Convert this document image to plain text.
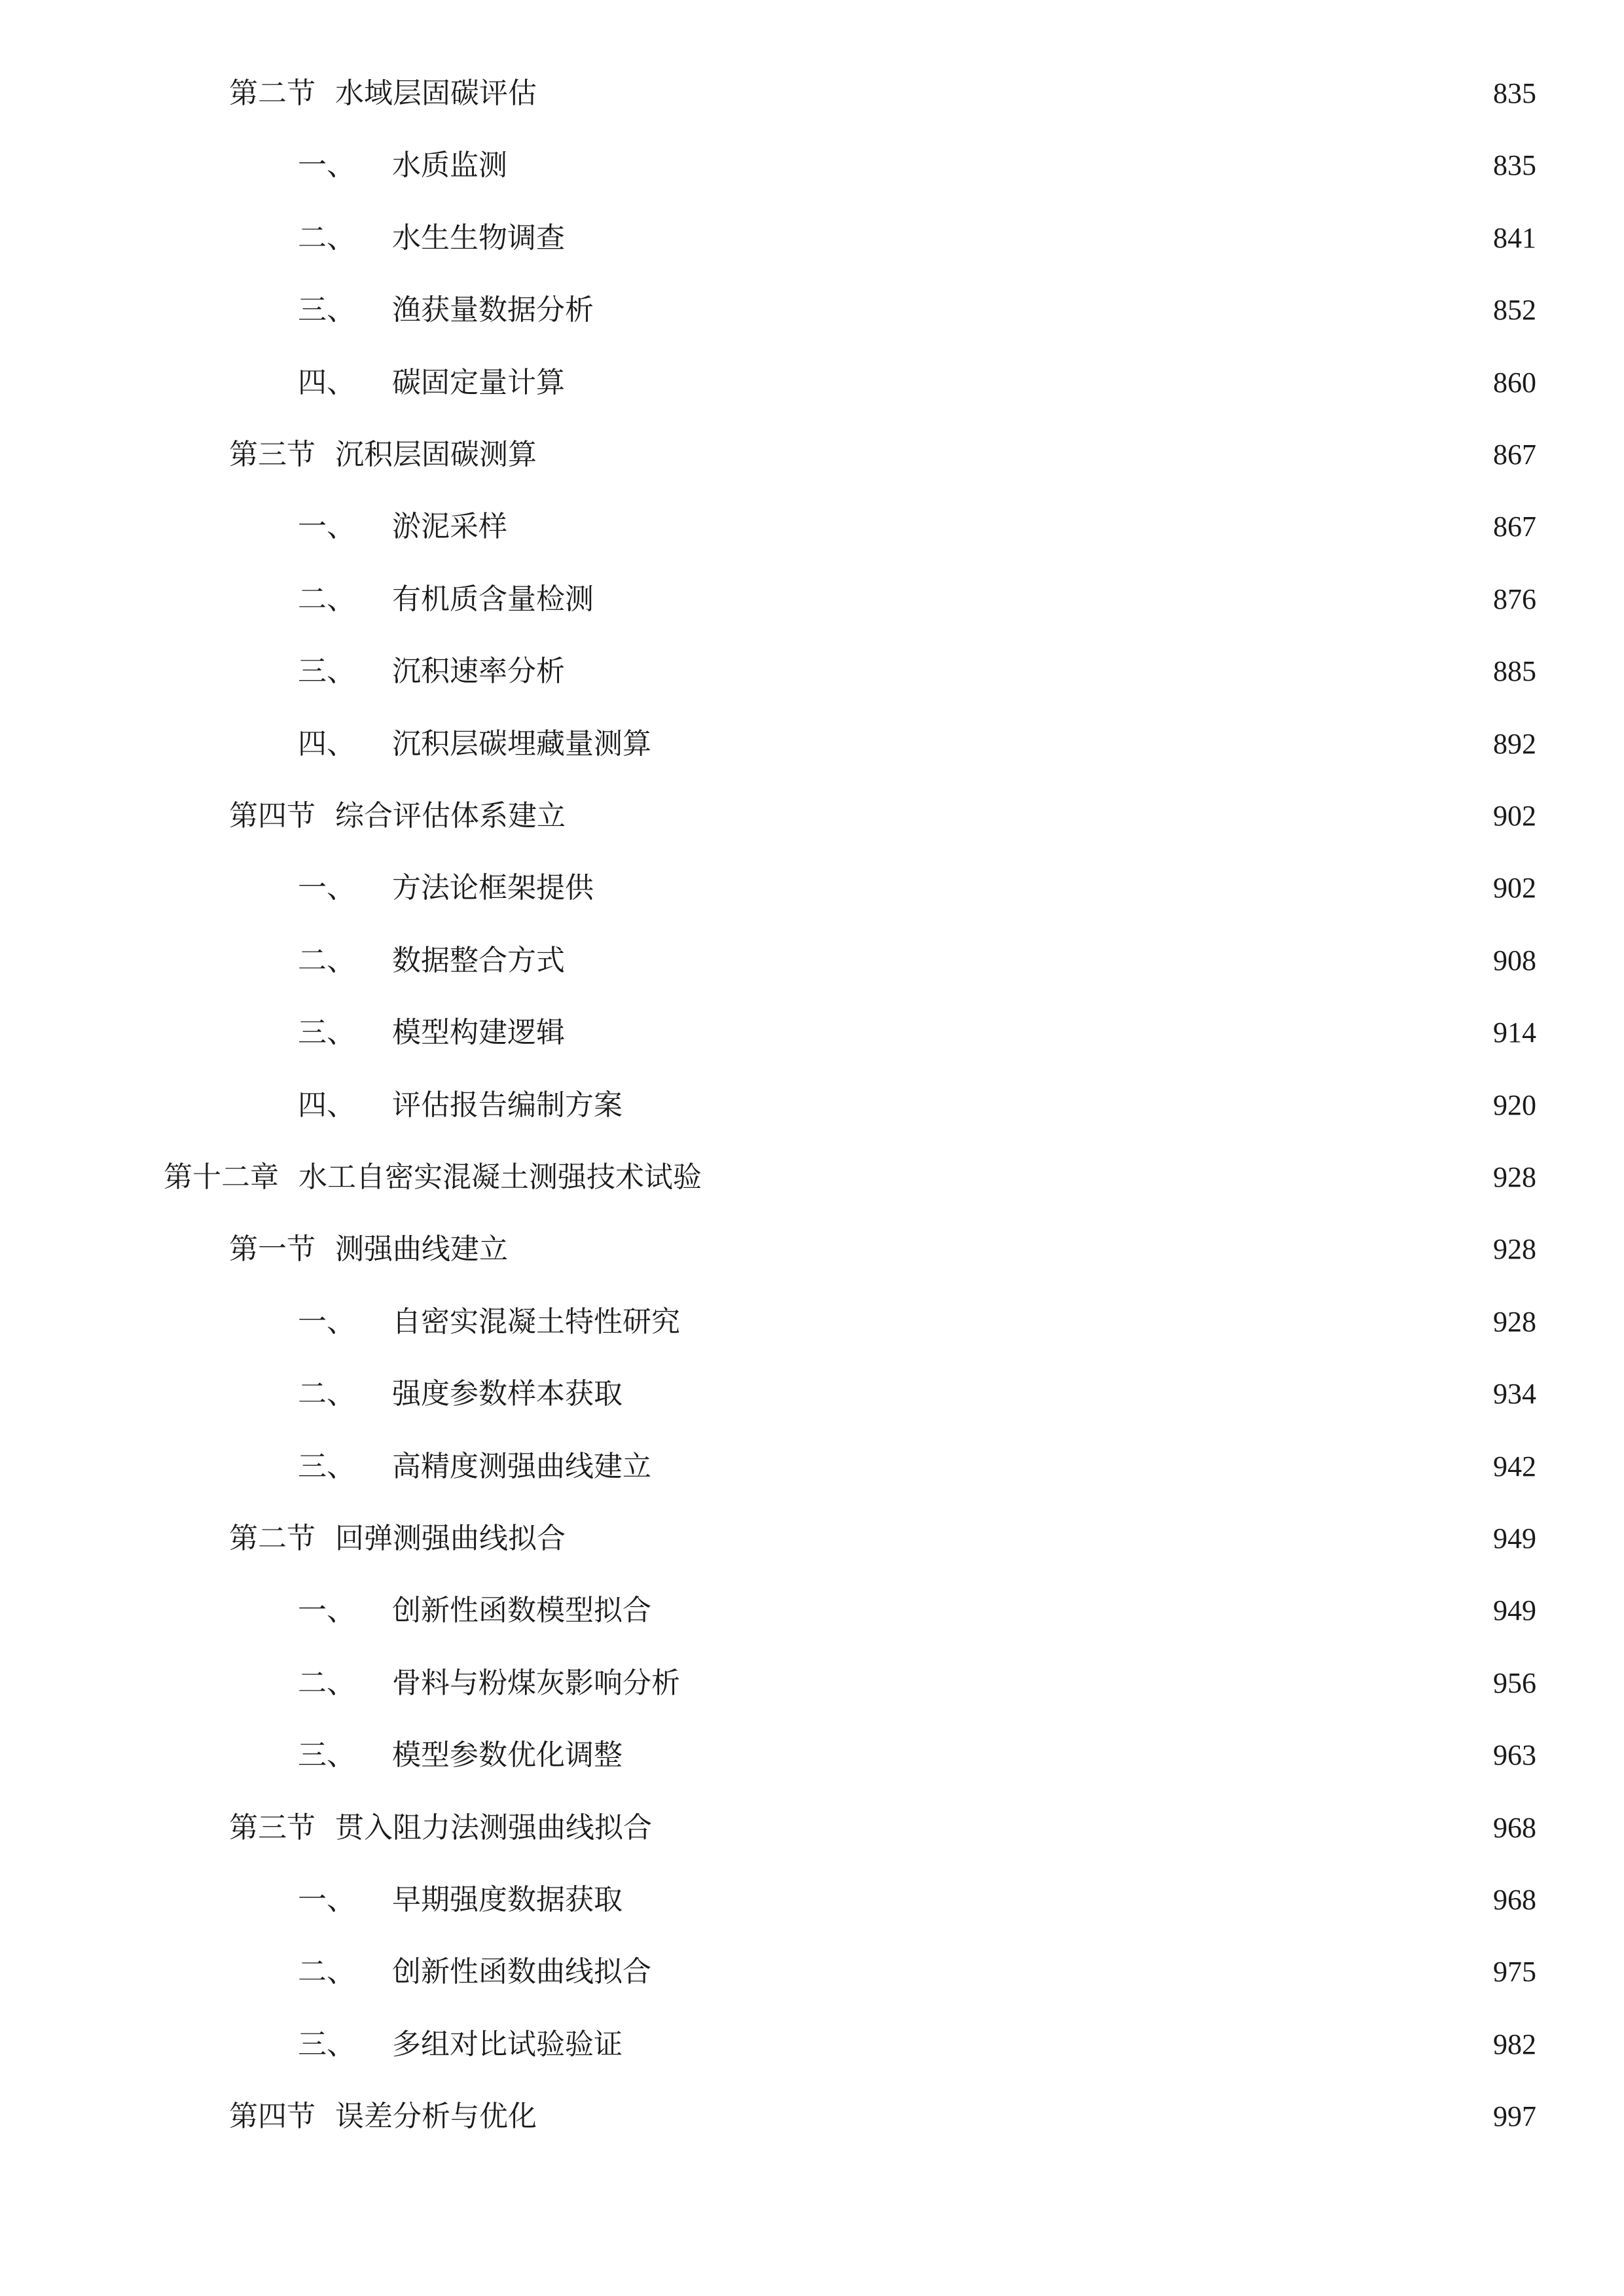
第二节 水域层固碳评估	835
一、 水质监测	835
二、 水生生物调查	841
三、 渔获量数据分析	852
四、 碳固定量计算	860
第三节 沉积层固碳测算	867
一、 淤泥采样	867
二、 有机质含量检测	876
三、 沉积速率分析	885
四、 沉积层碳埋藏量测算	892
第四节 综合评估体系建立	902
一、 方法论框架提供	902
二、 数据整合方式	908
三、 模型构建逻辑	914
四、 评估报告编制方案	920
第十二章 水工自密实混凝土测强技术试验	928
第一节 测强曲线建立	928
一、 自密实混凝土特性研究	928
二、 强度参数样本获取	934
三、 高精度测强曲线建立	942
第二节 回弹测强曲线拟合	949
一、 创新性函数模型拟合	949
二、 骨料与粉煤灰影响分析	956
三、 模型参数优化调整	963
第三节 贯入阻力法测强曲线拟合	968
一、 早期强度数据获取	968
二、 创新性函数曲线拟合	975
三、 多组对比试验验证	982
第四节 误差分析与优化	997
